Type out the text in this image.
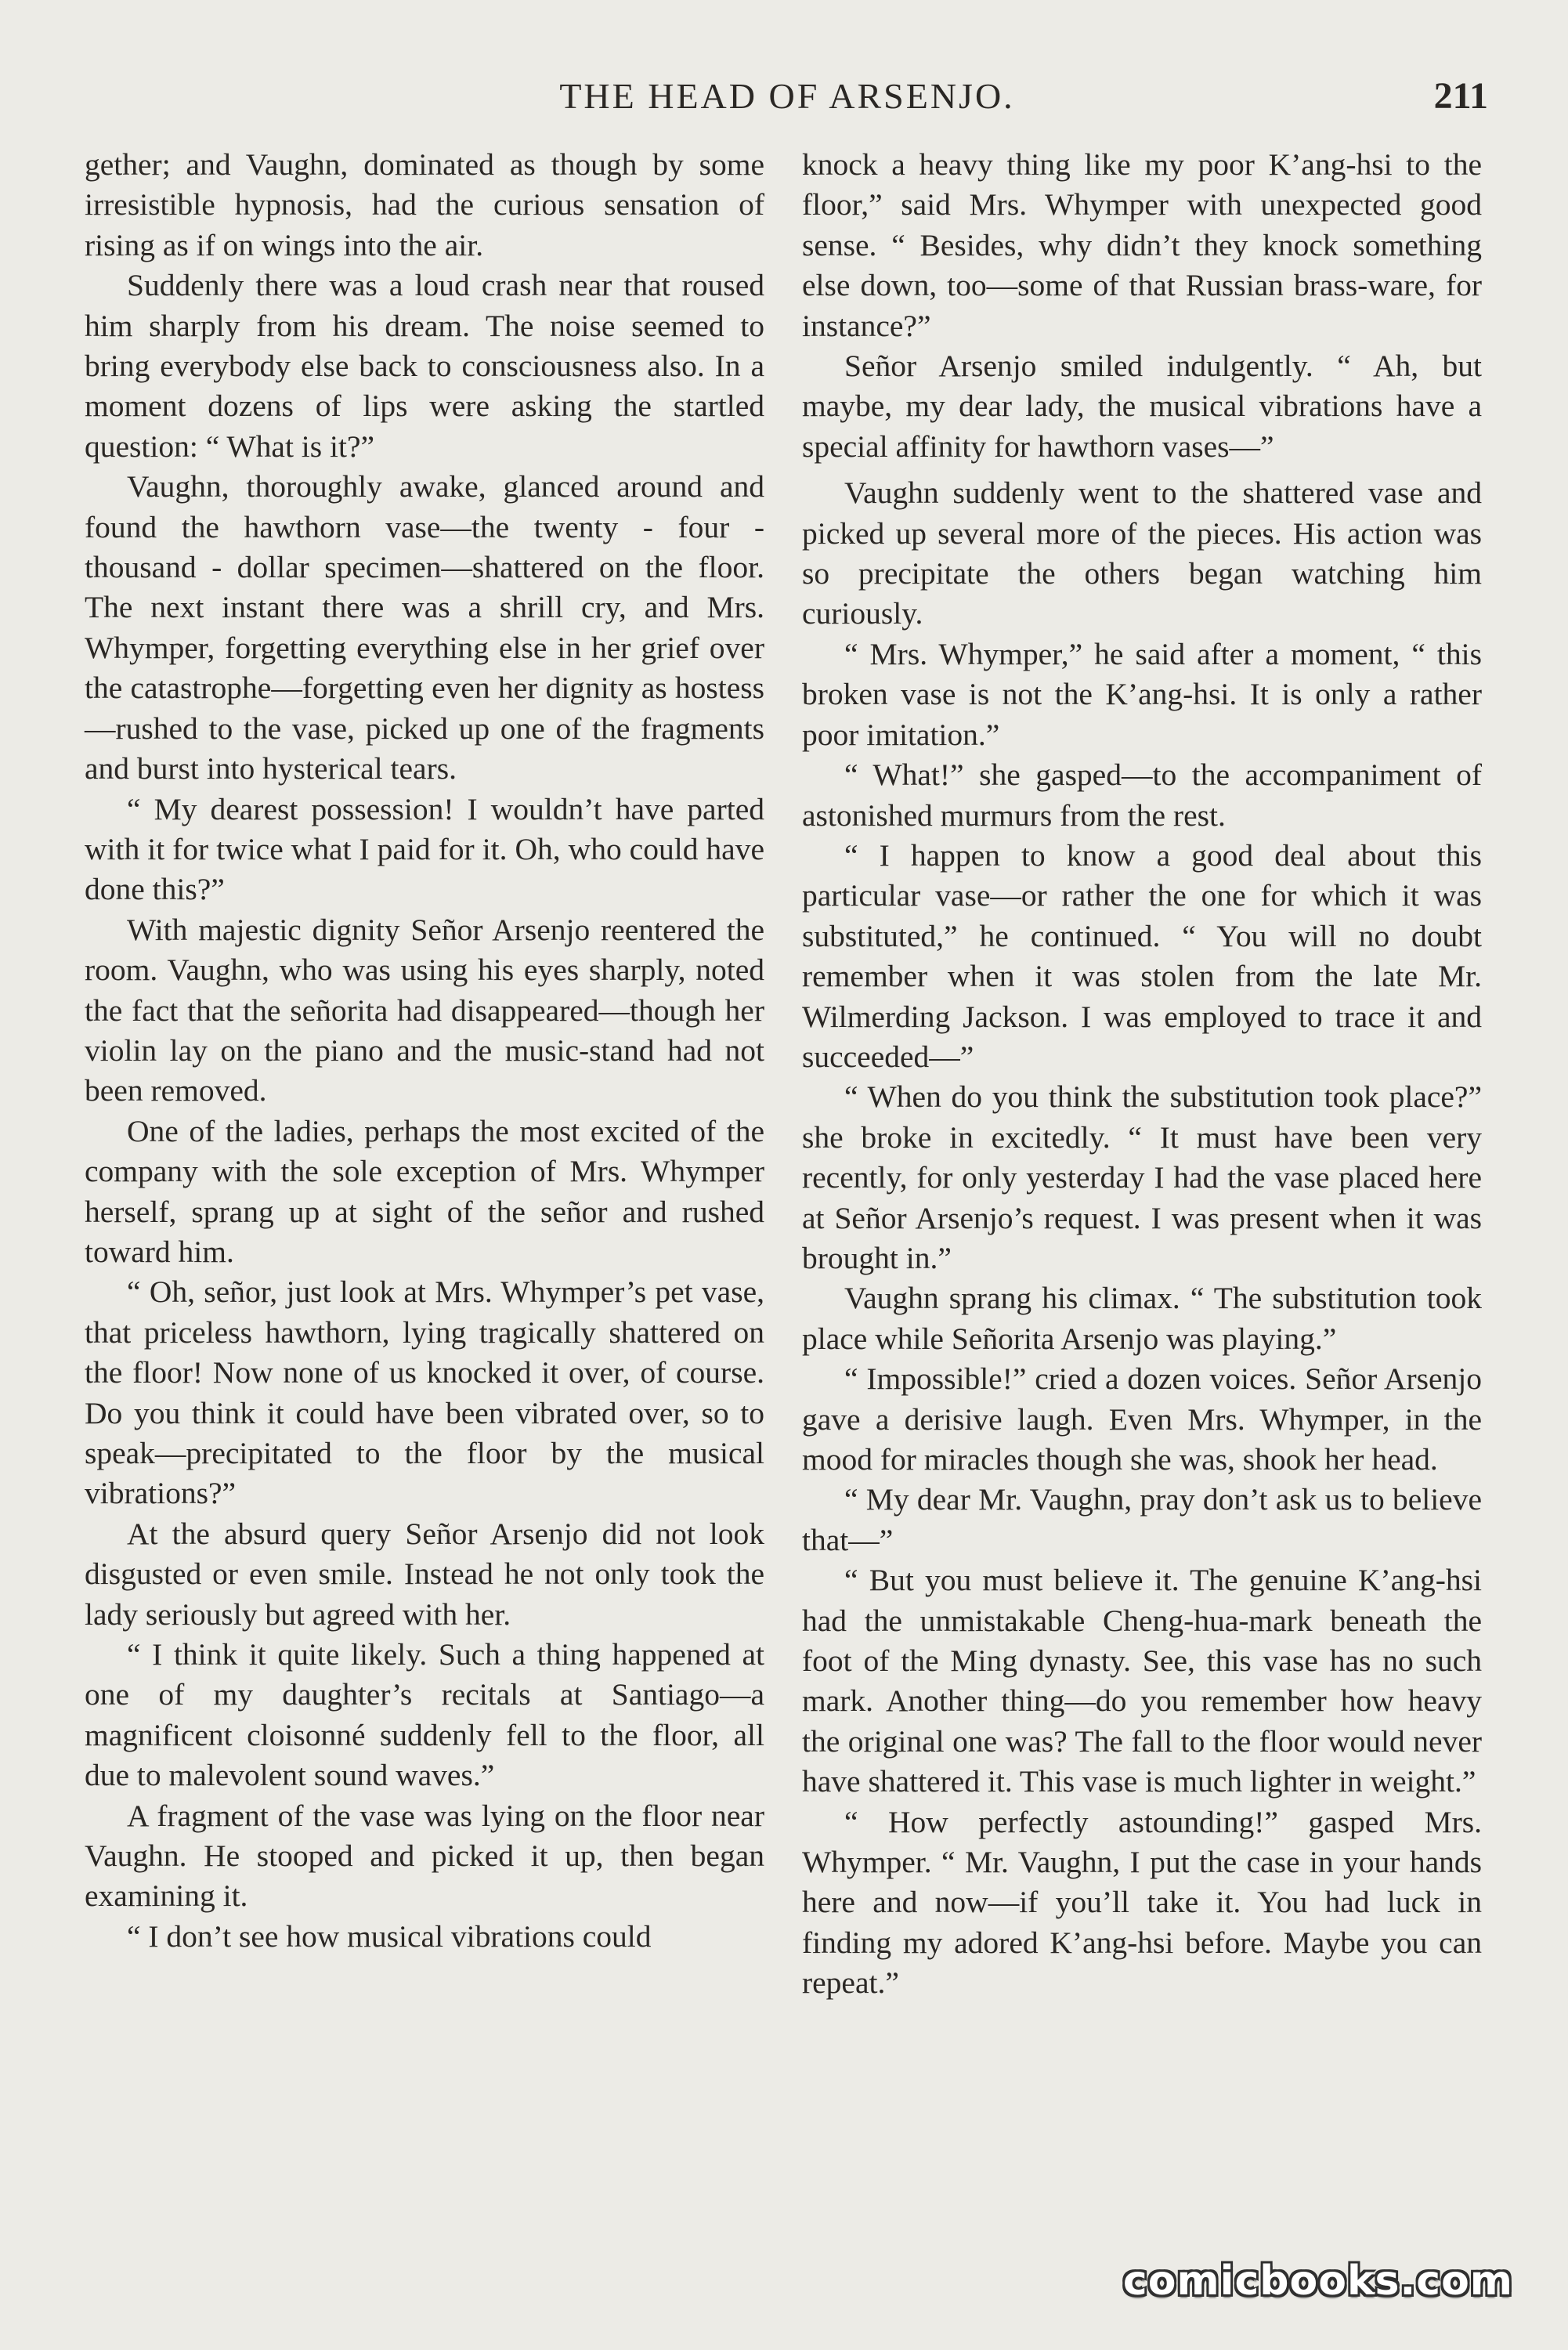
THE HEAD OF ARSENJO.	211

gether; and Vaughn, dominated as though by some irresistible hypnosis, had the curious sensation of rising as if on wings into the air.

Suddenly there was a loud crash near that roused him sharply from his dream. The noise seemed to bring everybody else back to consciousness also. In a moment dozens of lips were asking the startled question: “ What is it?”

Vaughn, thoroughly awake, glanced around and found the hawthorn vase—the twenty - four - thousand - dollar specimen—shattered on the floor. The next instant there was a shrill cry, and Mrs. Whymper, forgetting everything else in her grief over the catastrophe—forgetting even her dignity as hostess—rushed to the vase, picked up one of the fragments and burst into hysterical tears.

“ My dearest possession! I wouldn’t have parted with it for twice what I paid for it. Oh, who could have done this?”

With majestic dignity Señor Arsenjo reentered the room. Vaughn, who was using his eyes sharply, noted the fact that the señorita had disappeared—though her violin lay on the piano and the music-stand had not been removed.

One of the ladies, perhaps the most excited of the company with the sole exception of Mrs. Whymper herself, sprang up at sight of the señor and rushed toward him.

“ Oh, señor, just look at Mrs. Whymper’s pet vase, that priceless hawthorn, lying tragically shattered on the floor! Now none of us knocked it over, of course. Do you think it could have been vibrated over, so to speak—precipitated to the floor by the musical vibrations?”

At the absurd query Señor Arsenjo did not look disgusted or even smile. Instead he not only took the lady seriously but agreed with her.

“ I think it quite likely. Such a thing happened at one of my daughter’s recitals at Santiago—a magnificent cloisonné suddenly fell to the floor, all due to malevolent sound waves.”

A fragment of the vase was lying on the floor near Vaughn. He stooped and picked it up, then began examining it.

“ I don’t see how musical vibrations could

knock a heavy thing like my poor K’ang-hsi to the floor,” said Mrs. Whymper with unexpected good sense. “ Besides, why didn’t they knock something else down, too—some of that Russian brass-ware, for instance?”

Señor Arsenjo smiled indulgently. “ Ah, but maybe, my dear lady, the musical vibrations have a special affinity for hawthorn vases—”

Vaughn suddenly went to the shattered vase and picked up several more of the pieces. His action was so precipitate the others began watching him curiously.

“ Mrs. Whymper,” he said after a moment, “ this broken vase is not the K’ang-hsi. It is only a rather poor imitation.”

“ What!” she gasped—to the accompaniment of astonished murmurs from the rest.

“ I happen to know a good deal about this particular vase—or rather the one for which it was substituted,” he continued. “ You will no doubt remember when it was stolen from the late Mr. Wilmerding Jackson. I was employed to trace it and succeeded—”

“ When do you think the substitution took place?” she broke in excitedly. “ It must have been very recently, for only yesterday I had the vase placed here at Señor Arsenjo’s request. I was present when it was brought in.”

Vaughn sprang his climax. “ The substitution took place while Señorita Arsenjo was playing.”

“ Impossible!” cried a dozen voices. Señor Arsenjo gave a derisive laugh. Even Mrs. Whymper, in the mood for miracles though she was, shook her head.

“ My dear Mr. Vaughn, pray don’t ask us to believe that—”

“ But you must believe it. The genuine K’ang-hsi had the unmistakable Cheng-hua-mark beneath the foot of the Ming dynasty. See, this vase has no such mark. Another thing—do you remember how heavy the original one was? The fall to the floor would never have shattered it. This vase is much lighter in weight.”

“ How perfectly astounding!” gasped Mrs. Whymper. “ Mr. Vaughn, I put the case in your hands here and now—if you’ll take it. You had luck in finding my adored K’ang-hsi before. Maybe you can repeat.”

comicbooks.com
